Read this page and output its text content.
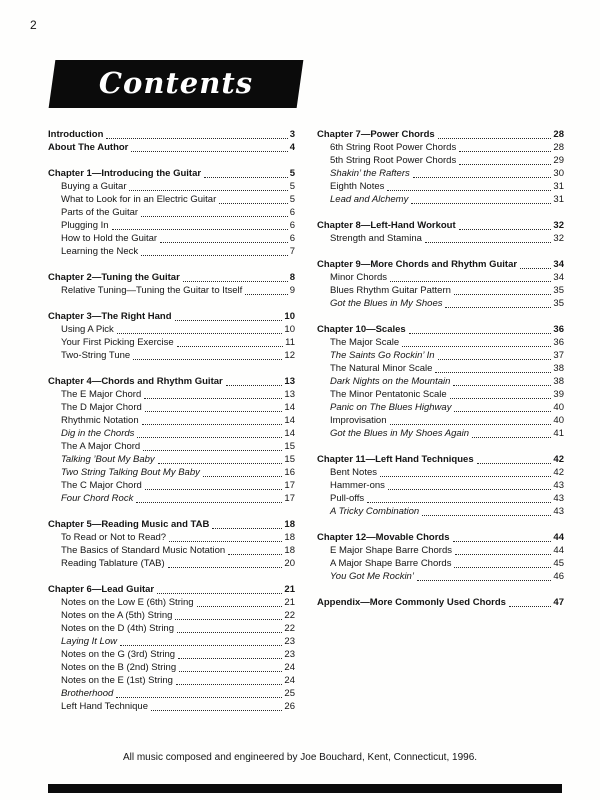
2
Contents
Introduction	3
About The Author	4
Chapter 1—Introducing the Guitar	5
Buying a Guitar	5
What to Look for in an Electric Guitar	5
Parts of the Guitar	6
Plugging In	6
How to Hold the Guitar	6
Learning the Neck	7
Chapter 2—Tuning the Guitar	8
Relative Tuning—Tuning the Guitar to Itself	9
Chapter 3—The Right Hand	10
Using A Pick	10
Your First Picking Exercise	11
Two-String Tune	12
Chapter 4—Chords and Rhythm Guitar	13
The E Major Chord	13
The D Major Chord	14
Rhythmic Notation	14
Dig in the Chords	14
The A Major Chord	15
Talking ’Bout My Baby	15
Two String Talking Bout My Baby	16
The C Major Chord	17
Four Chord Rock	17
Chapter 5—Reading Music and TAB	18
To Read or Not to Read?	18
The Basics of Standard Music Notation	18
Reading Tablature (TAB)	20
Chapter 6—Lead Guitar	21
Notes on the Low E (6th) String	21
Notes on the A (5th) String	22
Notes on the D (4th) String	22
Laying It Low	23
Notes on the G (3rd) String	23
Notes on the B (2nd) String	24
Notes on the E (1st) String	24
Brotherhood	25
Left Hand Technique	26
Chapter 7—Power Chords	28
6th String Root Power Chords	28
5th String Root Power Chords	29
Shakin’ the Rafters	30
Eighth Notes	31
Lead and Alchemy	31
Chapter 8—Left-Hand Workout	32
Strength and Stamina	32
Chapter 9—More Chords and Rhythm Guitar	34
Minor Chords	34
Blues Rhythm Guitar Pattern	35
Got the Blues in My Shoes	35
Chapter 10—Scales	36
The Major Scale	36
The Saints Go Rockin’ In	37
The Natural Minor Scale	38
Dark Nights on the Mountain	38
The Minor Pentatonic Scale	39
Panic on The Blues Highway	40
Improvisation	40
Got the Blues in My Shoes Again	41
Chapter 11—Left Hand Techniques	42
Bent Notes	42
Hammer-ons	43
Pull-offs	43
A Tricky Combination	43
Chapter 12—Movable Chords	44
E Major Shape Barre Chords	44
A Major Shape Barre Chords	45
You Got Me Rockin’	46
Appendix—More Commonly Used Chords	47
All music composed and engineered by Joe Bouchard, Kent, Connecticut, 1996.
